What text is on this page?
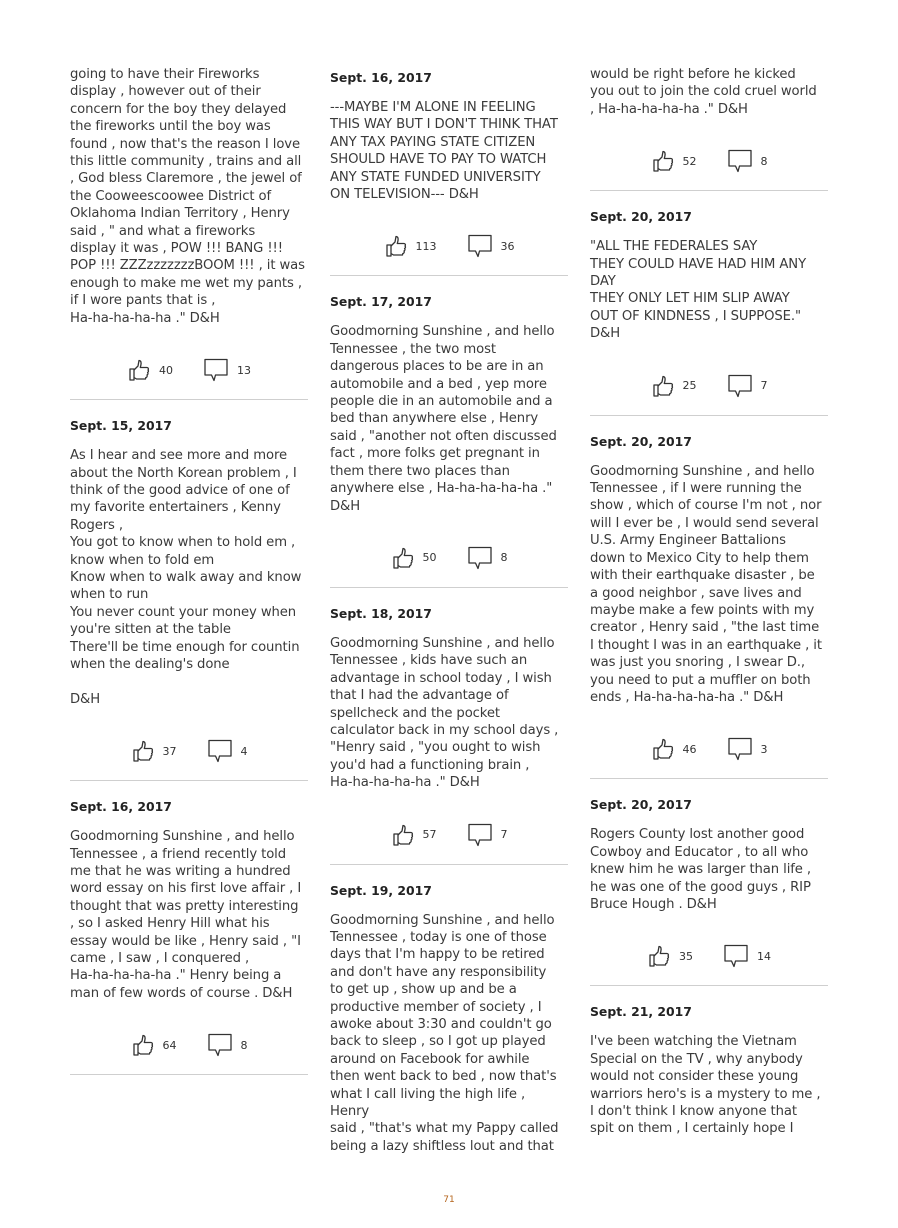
going to have their Fireworks
display , however out of their
concern for the boy they delayed
the fireworks until the boy was
found , now that's the reason I love
this little community , trains and all
, God bless Claremore , the jewel of
the Cooweescoowee District of
Oklahoma Indian Territory , Henry
said , " and what a fireworks
display it was , POW !!! BANG !!!
POP !!! ZZZzzzzzzzBOOM !!! , it was
enough to make me wet my pants ,
if I wore pants that is ,
Ha-ha-ha-ha-ha ." D&H

40	13
Sept. 15, 2017

As I hear and see more and more
about the North Korean problem , I
think of the good advice of one of
my favorite entertainers , Kenny
Rogers ,
You got to know when to hold em ,
know when to fold em
Know when to walk away and know
when to run
You never count your money when
you're sitten at the table
There'll be time enough for countin
when the dealing's done

D&H

37	4
Sept. 16, 2017

Goodmorning Sunshine , and hello
Tennessee , a friend recently told
me that he was writing a hundred
word essay on his first love affair , I
thought that was pretty interesting
, so I asked Henry Hill what his
essay would be like , Henry said , "I
came , I saw , I conquered ,
Ha-ha-ha-ha-ha ." Henry being a
man of few words of course . D&H

64	8
Sept. 16, 2017

---MAYBE I'M ALONE IN FEELING
THIS WAY BUT I DON'T THINK THAT
ANY TAX PAYING STATE CITIZEN
SHOULD HAVE TO PAY TO WATCH
ANY STATE FUNDED UNIVERSITY
ON TELEVISION--- D&H

113	36
Sept. 17, 2017

Goodmorning Sunshine , and hello
Tennessee , the two most
dangerous places to be are in an
automobile and a bed , yep more
people die in an automobile and a
bed than anywhere else , Henry
said , "another not often discussed
fact , more folks get pregnant in
them there two places than
anywhere else , Ha-ha-ha-ha-ha ."
D&H

50	8
Sept. 18, 2017

Goodmorning Sunshine , and hello
Tennessee , kids have such an
advantage in school today , I wish
that I had the advantage of
spellcheck and the pocket
calculator back in my school days ,
"Henry said , "you ought to wish
you'd had a functioning brain ,
Ha-ha-ha-ha-ha ." D&H

57	7
Sept. 19, 2017

Goodmorning Sunshine , and hello
Tennessee , today is one of those
days that I'm happy to be retired
and don't have any responsibility
to get up , show up and be a
productive member of society , I
awoke about 3:30 and couldn't go
back to sleep , so I got up played
around on Facebook for awhile
then went back to bed , now that's
what I call living the high life , Henry
said , "that's what my Pappy called
being a lazy shiftless lout and that

would be right before he kicked
you out to join the cold cruel world
, Ha-ha-ha-ha-ha ." D&H

52	8
Sept. 20, 2017

"ALL THE FEDERALES SAY
THEY COULD HAVE HAD HIM ANY
DAY
THEY ONLY LET HIM SLIP AWAY
OUT OF KINDNESS , I SUPPOSE."
D&H

25	7
Sept. 20, 2017

Goodmorning Sunshine , and hello
Tennessee , if I were running the
show , which of course I'm not , nor
will I ever be , I would send several
U.S. Army Engineer Battalions
down to Mexico City to help them
with their earthquake disaster , be
a good neighbor , save lives and
maybe make a few points with my
creator , Henry said , "the last time
I thought I was in an earthquake , it
was just you snoring , I swear D.,
you need to put a muffler on both
ends , Ha-ha-ha-ha-ha ." D&H

46	3
Sept. 20, 2017

Rogers County lost another good
Cowboy and Educator , to all who
knew him he was larger than life ,
he was one of the good guys , RIP
Bruce Hough . D&H

35	14
Sept. 21, 2017

I've been watching the Vietnam
Special on the TV , why anybody
would not consider these young
warriors hero's is a mystery to me ,
I don't think I know anyone that
spit on them , I certainly hope I

71
